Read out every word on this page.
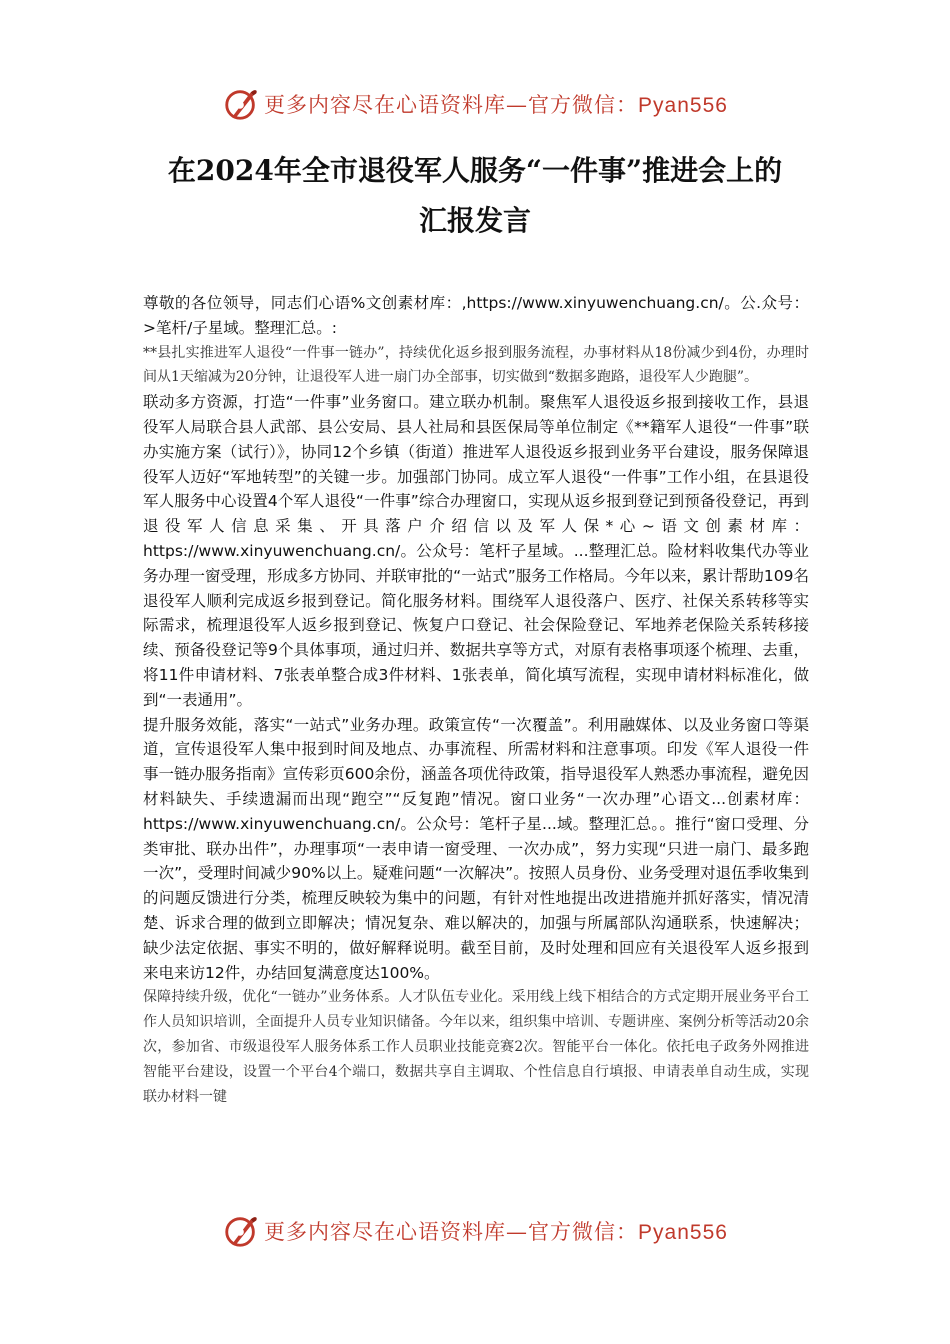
更多内容尽在心语资料库—官方微信：Pyan556
在2024年全市退役军人服务“一件事”推进会上的
汇报发言

尊敬的各位领导，同志们心语%文创素材库：,https://www.xinyuwenchuang.cn/。公.众号：>笔杆/子星域。整理汇总。:

**县扎实推进军人退役“一件事一链办”，持续优化返乡报到服务流程，办事材料从18份减少到4份，办理时间从1天缩减为20分钟，让退役军人进一扇门办全部事，切实做到“数据多跑路，退役军人少跑腿”。

联动多方资源，打造“一件事”业务窗口。建立联办机制。聚焦军人退役返乡报到接收工作，县退役军人局联合县人武部、县公安局、县人社局和县医保局等单位制定《**籍军人退役“一件事”联办实施方案（试行）》，协同12个乡镇（街道）推进军人退役返乡报到业务平台建设，服务保障退役军人迈好“军地转型”的关键一步。加强部门协同。成立军人退役“一件事”工作小组，在县退役军人服务中心设置4个军人退役“一件事”综合办理窗口，实现从返乡报到登记到预备役登记，再到退役军人信息采集、开具落户介绍信以及军人保*心~语文创素材库：https://www.xinyuwenchuang.cn/。公众号：笔杆子星域。...整理汇总。险材料收集代办等业务办理一窗受理，形成多方协同、并联审批的“一站式”服务工作格局。今年以来，累计帮助109名退役军人顺利完成返乡报到登记。简化服务材料。围绕军人退役落户、医疗、社保关系转移等实际需求，梳理退役军人返乡报到登记、恢复户口登记、社会保险登记、军地养老保险关系转移接续、预备役登记等9个具体事项，通过归并、数据共享等方式，对原有表格事项逐个梳理、去重，将11件申请材料、7张表单整合成3件材料、1张表单，简化填写流程，实现申请材料标准化，做到“一表通用”。

提升服务效能，落实“一站式”业务办理。政策宣传“一次覆盖”。利用融媒体、以及业务窗口等渠道，宣传退役军人集中报到时间及地点、办事流程、所需材料和注意事项。印发《军人退役一件事一链办服务指南》宣传彩页600余份，涵盖各项优待政策，指导退役军人熟悉办事流程，避免因材料缺失、手续遗漏而出现“跑空”“反复跑”情况。窗口业务“一次办理”心语文...创素材库：https://www.xinyuwenchuang.cn/。公众号：笔杆子星...域。整理汇总。。推行“窗口受理、分类审批、联办出件”，办理事项“一表申请一窗受理、一次办成”，努力实现“只进一扇门、最多跑一次”，受理时间减少90%以上。疑难问题“一次解决”。按照人员身份、业务受理对退伍季收集到的问题反馈进行分类，梳理反映较为集中的问题，有针对性地提出改进措施并抓好落实，情况清楚、诉求合理的做到立即解决；情况复杂、难以解决的，加强与所属部队沟通联系，快速解决；缺少法定依据、事实不明的，做好解释说明。截至目前，及时处理和回应有关退役军人返乡报到来电来访12件，办结回复满意度达100%。

保障持续升级，优化“一链办”业务体系。人才队伍专业化。采用线上线下相结合的方式定期开展业务平台工作人员知识培训，全面提升人员专业知识储备。今年以来，组织集中培训、专题讲座、案例分析等活动20余次，参加省、市级退役军人服务体系工作人员职业技能竞赛2次。智能平台一体化。依托电子政务外网推进智能平台建设，设置一个平台4个端口，数据共享自主调取、个性信息自行填报、申请表单自动生成，实现联办材料一键

更多内容尽在心语资料库—官方微信：Pyan556
